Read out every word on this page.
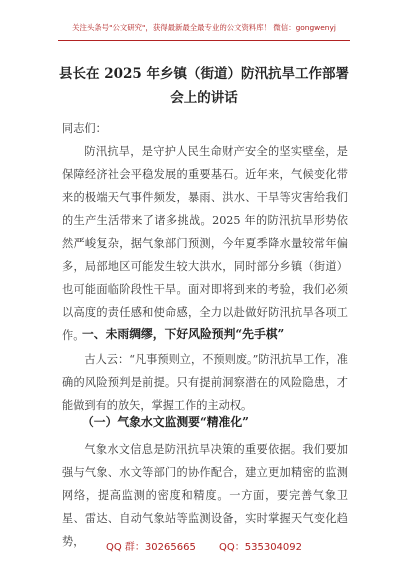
关注头条号"公文研究"，获得最新最全最专业的公文资料库！ 微信：gongwenyj
县长在 2025 年乡镇（街道）防汛抗旱工作部署会上的讲话
同志们：
防汛抗旱，是守护人民生命财产安全的坚实壁垒，是保障经济社会平稳发展的重要基石。近年来，气候变化带来的极端天气事件频发，暴雨、洪水、干旱等灾害给我们的生产生活带来了诸多挑战。2025 年的防汛抗旱形势依然严峻复杂，据气象部门预测，今年夏季降水量较常年偏多，局部地区可能发生较大洪水，同时部分乡镇（街道）也可能面临阶段性干旱。面对即将到来的考验，我们必须以高度的责任感和使命感，全力以赴做好防汛抗旱各项工作。
一、未雨绸缪，下好风险预判“先手棋”
古人云：“凡事预则立，不预则废。”防汛抗旱工作，准确的风险预判是前提。只有提前洞察潜在的风险隐患，才能做到有的放矢，掌握工作的主动权。
（一）气象水文监测要“精准化”
气象水文信息是防汛抗旱决策的重要依据。我们要加强与气象、水文等部门的协作配合，建立更加精密的监测网络，提高监测的密度和精度。一方面，要完善气象卫星、雷达、自动气象站等监测设备，实时掌握天气变化趋势，	QQ 群：30265665 QQ：535304092
